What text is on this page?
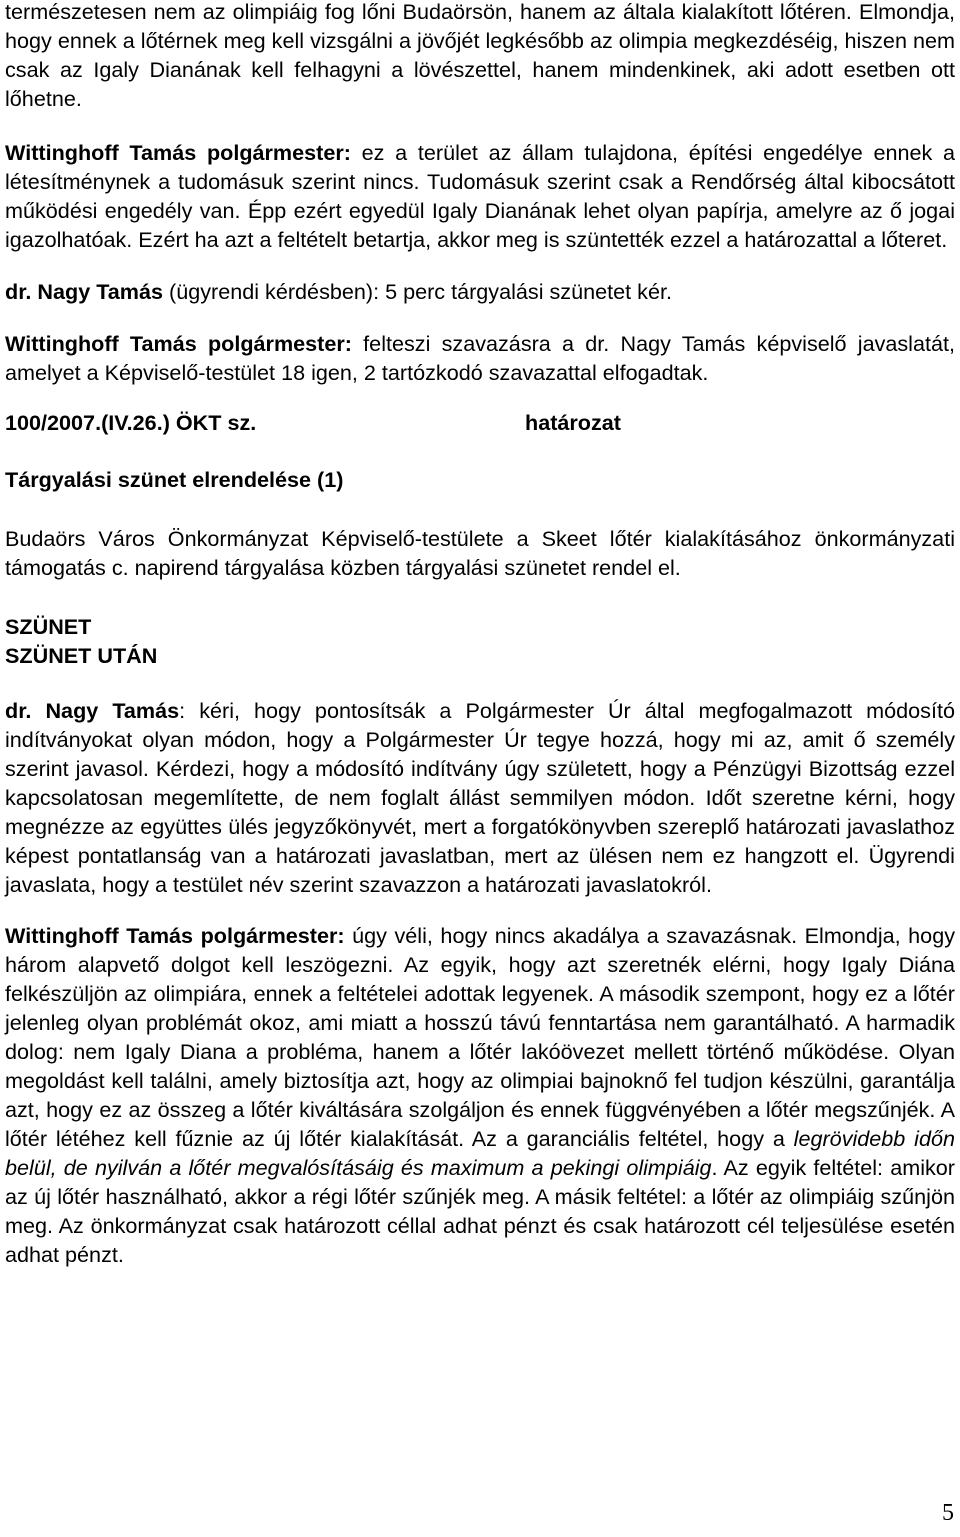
természetesen nem az olimpiáig fog lőni Budaörsön, hanem az általa kialakított lőtéren. Elmondja, hogy ennek a lőtérnek meg kell vizsgálni a jövőjét legkésőbb az olimpia megkezdéséig, hiszen nem csak az Igaly Dianának kell felhagyni a lövészettel, hanem mindenkinek, aki adott esetben ott lőhetne.

Wittinghoff Tamás polgármester: ez a terület az állam tulajdona, építési engedélye ennek a létesítménynek a tudomásuk szerint nincs. Tudomásuk szerint csak a Rendőrség által kibocsátott működési engedély van. Épp ezért egyedül Igaly Dianának lehet olyan papírja, amelyre az ő jogai igazolhatóak. Ezért ha azt a feltételt betartja, akkor meg is szüntették ezzel a határozattal a lőteret.

dr. Nagy Tamás (ügyrendi kérdésben): 5 perc tárgyalási szünetet kér.

Wittinghoff Tamás polgármester: felteszi szavazásra a dr. Nagy Tamás képviselő javaslatát, amelyet a Képviselő-testület 18 igen, 2 tartózkodó szavazattal elfogadtak.

100/2007.(IV.26.) ÖKT sz.	határozat

Tárgyalási szünet elrendelése (1)

Budaörs Város Önkormányzat Képviselő-testülete a Skeet lőtér kialakításához önkormányzati támogatás c. napirend tárgyalása közben tárgyalási szünetet rendel el.

SZÜNET

SZÜNET UTÁN

dr. Nagy Tamás: kéri, hogy pontosítsák a Polgármester Úr által megfogalmazott módosító indítványokat olyan módon, hogy a Polgármester Úr tegye hozzá, hogy mi az, amit ő személy szerint javasol. Kérdezi, hogy a módosító indítvány úgy született, hogy a Pénzügyi Bizottság ezzel kapcsolatosan megemlítette, de nem foglalt állást semmilyen módon. Időt szeretne kérni, hogy megnézze az együttes ülés jegyzőkönyvét, mert a forgatókönyvben szereplő határozati javaslathoz képest pontatlanság van a határozati javaslatban, mert az ülésen nem ez hangzott el. Ügyrendi javaslata, hogy a testület név szerint szavazzon a határozati javaslatokról.

Wittinghoff Tamás polgármester: úgy véli, hogy nincs akadálya a szavazásnak. Elmondja, hogy három alapvető dolgot kell leszögezni. Az egyik, hogy azt szeretnék elérni, hogy Igaly Diána felkészüljön az olimpiára, ennek a feltételei adottak legyenek. A második szempont, hogy ez a lőtér jelenleg olyan problémát okoz, ami miatt a hosszú távú fenntartása nem garantálható. A harmadik dolog: nem Igaly Diana a probléma, hanem a lőtér lakóövezet mellett történő működése. Olyan megoldást kell találni, amely biztosítja azt, hogy az olimpiai bajnoknő fel tudjon készülni, garantálja azt, hogy ez az összeg a lőtér kiváltására szolgáljon és ennek függvényében a lőtér megszűnjék. A lőtér létéhez kell fűznie az új lőtér kialakítását. Az a garanciális feltétel, hogy a legrövidebb időn belül, de nyilván a lőtér megvalósításáig és maximum a pekingi olimpiáig. Az egyik feltétel: amikor az új lőtér használható, akkor a régi lőtér szűnjék meg. A másik feltétel: a lőtér az olimpiáig szűnjön meg. Az önkormányzat csak határozott céllal adhat pénzt és csak határozott cél teljesülése esetén adhat pénzt.

5
